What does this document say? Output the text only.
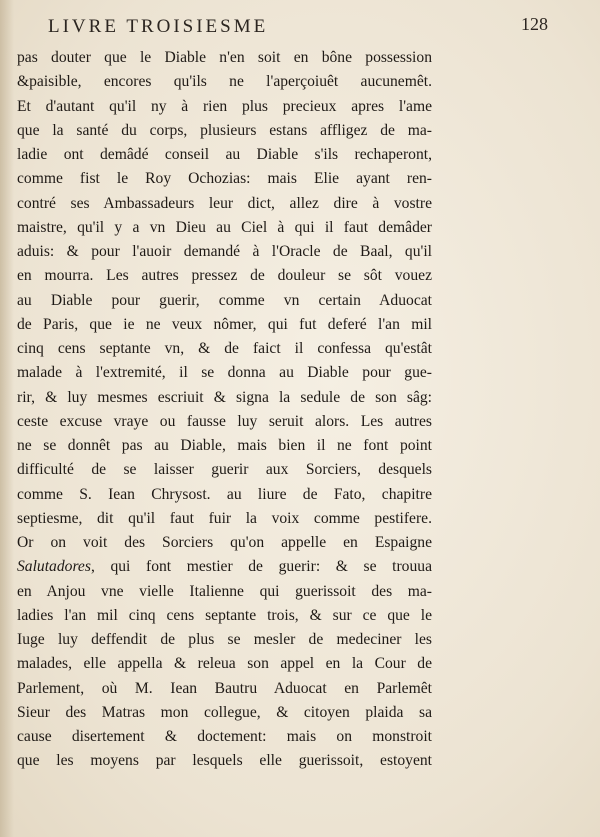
LIVRE TROISIESME	128
pas douter que le Diable n'en soit en bône possession
&paisible, encores qu'ils ne l'aperçoiuêt aucunemêt.
Et d'autant qu'il ny à rien plus precieux apres l'ame
que la santé du corps, plusieurs estans affligez de ma-
ladie ont demâdé conseil au Diable s'ils rechaperont,
comme fist le Roy Ochozias: mais Elie ayant ren-
contré ses Ambassadeurs leur dict, allez dire à vostre
maistre, qu'il y a vn Dieu au Ciel à qui il faut demâder
aduis: & pour l'auoir demandé à l'Oracle de Baal, qu'il
en mourra. Les autres pressez de douleur se sôt vouez
au Diable pour guerir, comme vn certain Aduocat
de Paris, que ie ne veux nômer, qui fut deferé l'an mil
cinq cens septante vn, & de faict il confessa qu'estât
malade à l'extremité, il se donna au Diable pour gue-
rir, & luy mesmes escriuit & signa la sedule de son sâg:
ceste excuse vraye ou fausse luy seruit alors. Les autres
ne se donnêt pas au Diable, mais bien il ne font point
difficulté de se laisser guerir aux Sorciers, desquels
comme S. Iean Chrysost. au liure de Fato, chapitre
septiesme, dit qu'il faut fuir la voix comme pestifere.
Or on voit des Sorciers qu'on appelle en Espaigne
Salutadores, qui font mestier de guerir: & se trouua
en Anjou vne vielle Italienne qui guerissoit des ma-
ladies l'an mil cinq cens septante trois, & sur ce que le
Iuge luy deffendit de plus se mesler de medeciner les
malades, elle appella & releua son appel en la Cour de
Parlement, où M. Iean Bautru Aduocat en Parlemêt
Sieur des Matras mon collegue, & citoyen plaida sa
cause disertement & doctement: mais on monstroit
que les moyens par lesquels elle guerissoit, estoyent
